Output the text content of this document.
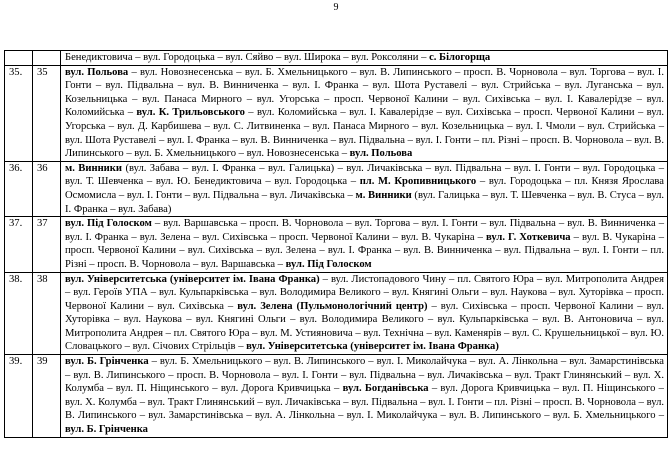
9
		Бенедиктовича – вул. Городоцька – вул. Сяйво – вул. Широка – вул. Роксоляни – с. Білогорща
35.	35	вул. Польова – вул. Новознесенська – вул. Б. Хмельницького – вул. В. Липинського – просп. В. Чорновола – вул. Торгова – вул. І. Гонти – вул. Підвальна – вул. В. Винниченка – вул. І. Франка – вул. Шота Руставелі – вул. Стрийська – вул. Луганська – вул. Козельницька – вул. Панаса Мирного – вул. Угорська – просп. Червоної Калини – вул. Сихівська – вул. І. Кавалерідзе – вул. Коломийська – вул. К. Трильовського – вул. Коломийська – вул. І. Кавалерідзе – вул. Сихівська – просп. Червоної Калини – вул. Угорська – вул. Д. Карбишева – вул. С. Литвиненка – вул. Панаса Мирного – вул. Козельницька – вул. І. Чмоли – вул. Стрийська – вул. Шота Руставелі – вул. І. Франка – вул. В. Винниченка – вул. Підвальна – вул. І. Гонти – пл. Різні – просп. В. Чорновола – вул. В. Липинського – вул. Б. Хмельницького – вул. Новознесенська – вул. Польова
36.	36	м. Винники (вул. Забава – вул. І. Франка – вул. Галицька) – вул. Личаківська – вул. Підвальна – вул. І. Гонти – вул. Городоцька – вул. Т. Шевченка – вул. Ю. Бенедиктовича – вул. Городоцька – пл. М. Кропивницького – вул. Городоцька – пл. Князя Ярослава Осмомисла – вул. І. Гонти – вул. Підвальна – вул. Личаківська – м. Винники (вул. Галицька – вул. Т. Шевченка – вул. В. Стуса – вул. І. Франка – вул. Забава)
37.	37	вул. Під Голоском – вул. Варшавська – просп. В. Чорновола – вул. Торгова – вул. І. Гонти – вул. Підвальна – вул. В. Винниченка – вул. І. Франка – вул. Зелена – вул. Сихівська – просп. Червоної Калини – вул. В. Чукаріна – вул. Г. Хоткевича – вул. В. Чукаріна – просп. Червоної Калини – вул. Сихівська – вул. Зелена – вул. І. Франка – вул. В. Винниченка – вул. Підвальна – вул. І. Гонти – пл. Різні – просп. В. Чорновола – вул. Варшавська – вул. Під Голоском
38.	38	вул. Університетська (університет ім. Івана Франка) – вул. Листопадового Чину – пл. Святого Юра – вул. Митрополита Андрея – вул. Героїв УПА – вул. Кульпарківська – вул. Володимира Великого – вул. Княгині Ольги – вул. Наукова – вул. Хуторівка – просп. Червоної Калини – вул. Сихівська – вул. Зелена (Пульмонологічний центр) – вул. Сихівська – просп. Червоної Калини – вул. Хуторівка – вул. Наукова – вул. Княгині Ольги – вул. Володимира Великого – вул. Кульпарківська – вул. В. Антоновича – вул. Митрополита Андрея – пл. Святого Юра – вул. М. Устияновича – вул. Технічна – вул. Каменярів – вул. С. Крушельницької – вул. Ю. Словацького – вул. Січових Стрільців – вул. Університетська (університет ім. Івана Франка)
39.	39	вул. Б. Грінченка – вул. Б. Хмельницького – вул. В. Липинського – вул. І. Миколайчука – вул. А. Лінкольна – вул. Замарстинівська – вул. В. Липинського – просп. В. Чорновола – вул. І. Гонти – вул. Підвальна – вул. Личаківська – вул. Тракт Глинянський – вул. Х. Колумба – вул. П. Ніщинського – вул. Дорога Кривчицька – вул. Богданівська – вул. Дорога Кривчицька – вул. П. Ніщинського – вул. Х. Колумба – вул. Тракт Глинянський – вул. Личаківська – вул. Підвальна – вул. І. Гонти – пл. Різні – просп. В. Чорновола – вул. В. Липинського – вул. Замарстинівська – вул. А. Лінкольна – вул. І. Миколайчука – вул. В. Липинського – вул. Б. Хмельницького – вул. Б. Грінченка
